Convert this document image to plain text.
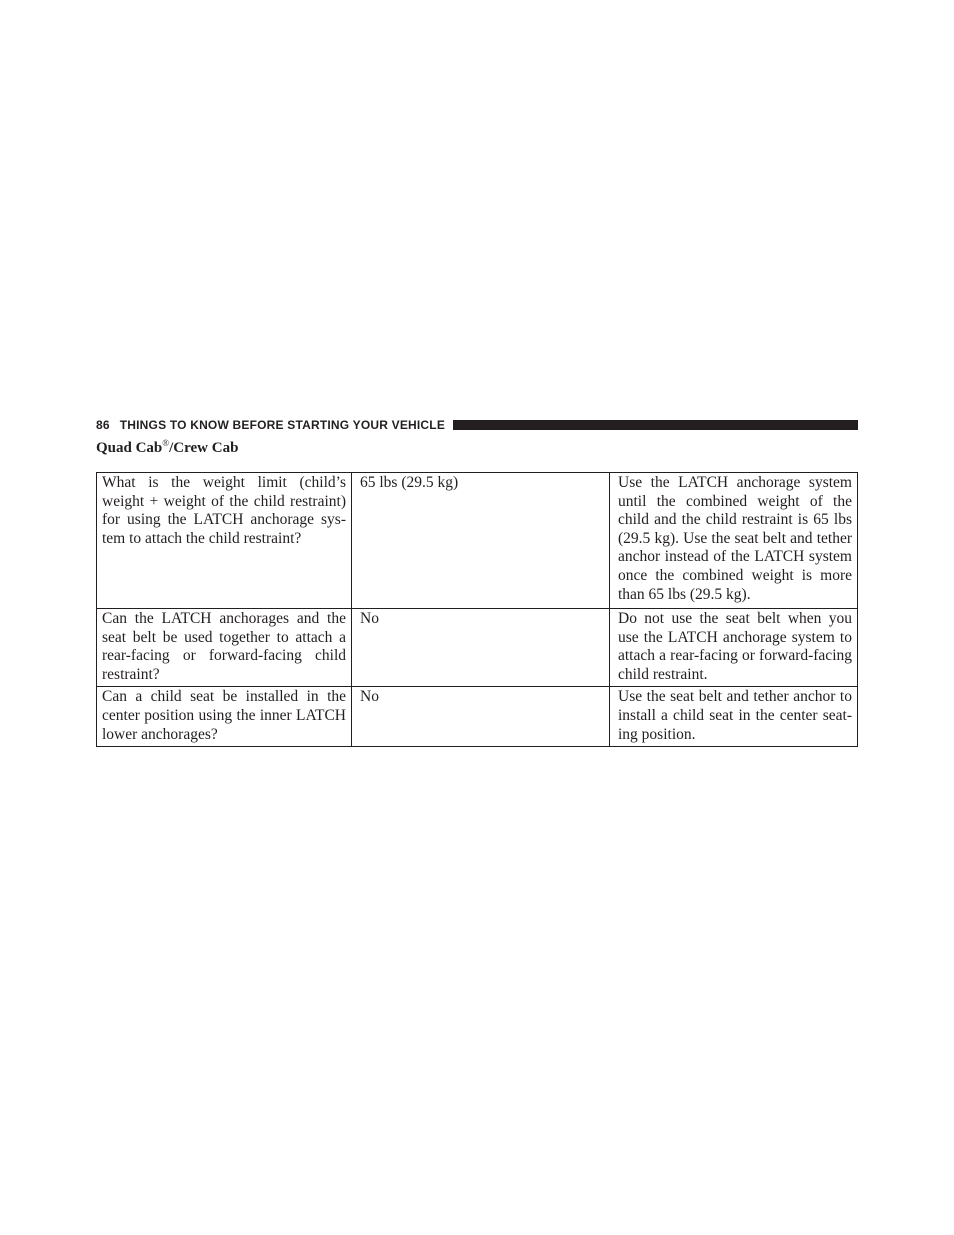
86 THINGS TO KNOW BEFORE STARTING YOUR VEHICLE
Quad Cab®/Crew Cab
What is the weight limit (child’s weight + weight of the child restraint) for using the LATCH anchorage sys-tem to attach the child restraint?	65 lbs (29.5 kg)	Use the LATCH anchorage system until the combined weight of the child and the child restraint is 65 lbs (29.5 kg). Use the seat belt and tether anchor instead of the LATCH system once the combined weight is more than 65 lbs (29.5 kg).
Can the LATCH anchorages and the seat belt be used together to attach a rear-facing or forward-facing child restraint?	No	Do not use the seat belt when you use the LATCH anchorage system to attach a rear-facing or forward-facing child restraint.
Can a child seat be installed in the center position using the inner LATCH lower anchorages?	No	Use the seat belt and tether anchor to install a child seat in the center seat-ing position.
